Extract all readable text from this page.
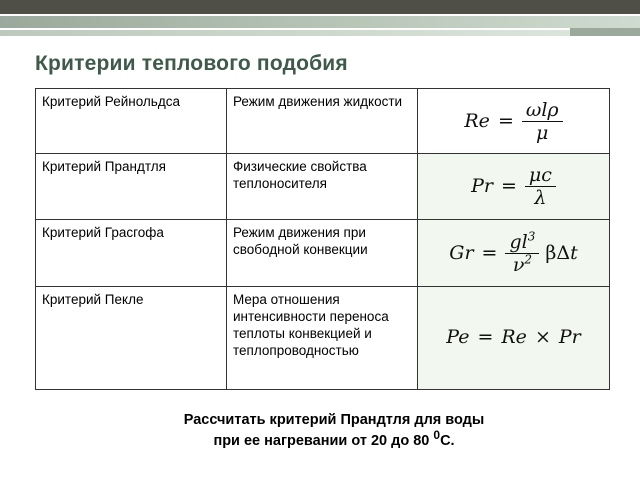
Критерии теплового подобия
Критерий Рейнольдса	Режим движения жидкости	$Re = \frac{\text{ωlρ}}{\mu}$

Критерий Прандтля	Физические свойства теплоносителя	$Pr = \frac{\mu c}{\lambda}$

Критерий Грасгофа	Режим движения при свободной конвекции	$Gr = \frac{gl^3}{\nu^2}$ βΔt

Критерий Пекле	Мера отношения интенсивности переноса теплоты конвекцией и теплопроводностью	Pe = Re × Pr
Рассчитать критерий Прандтля для воды
при ее нагревании от 20 до 80 $^0$С.
